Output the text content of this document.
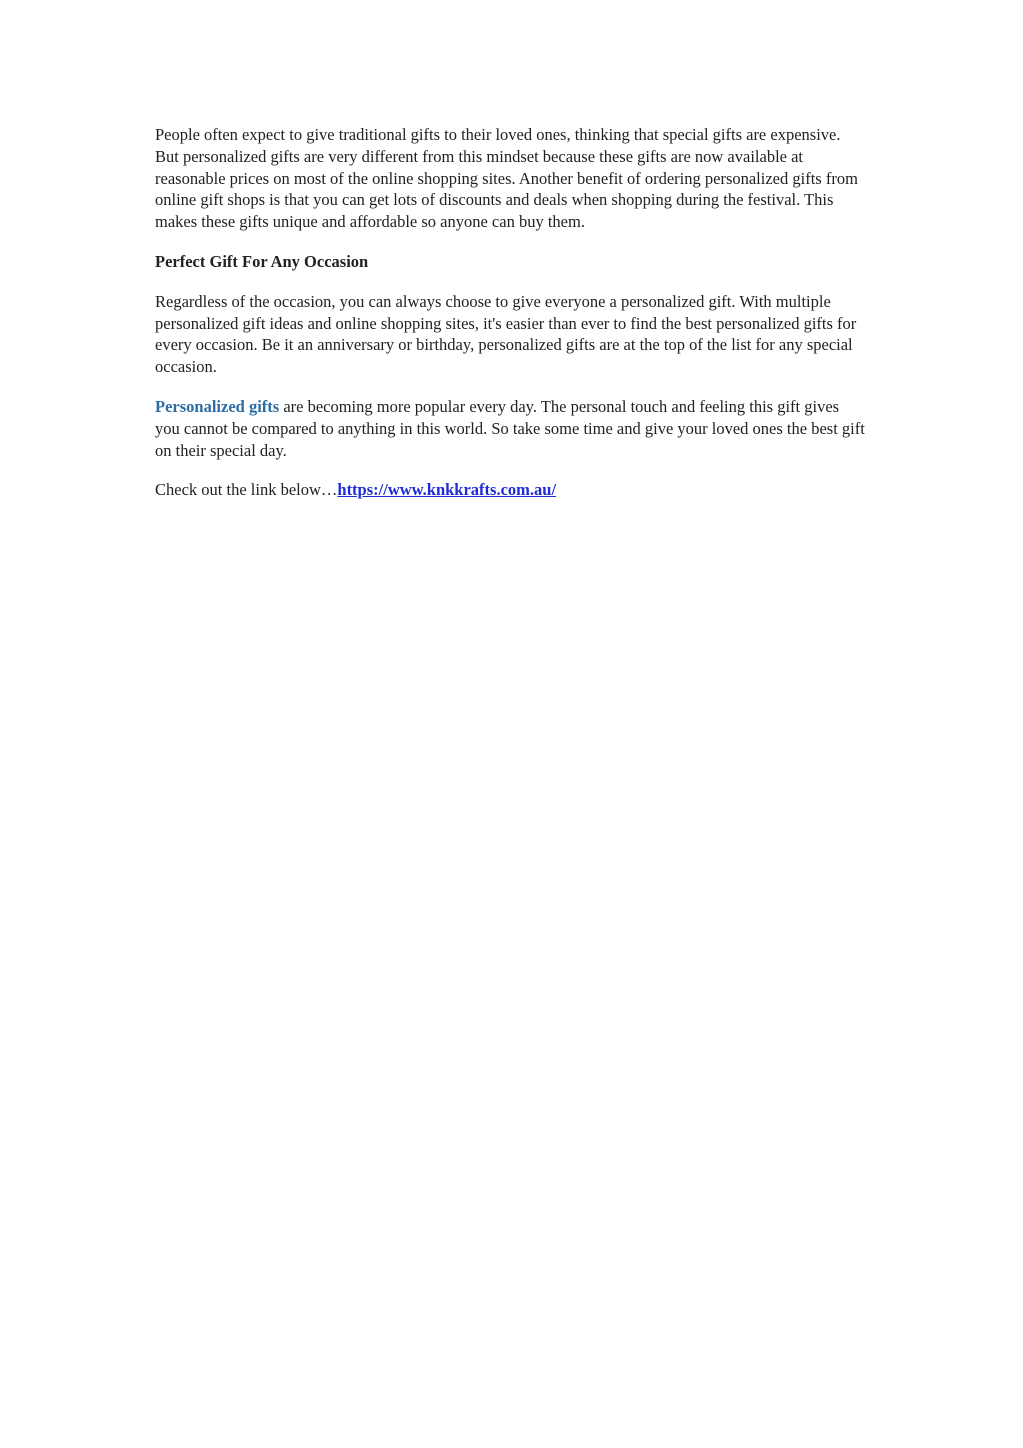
People often expect to give traditional gifts to their loved ones, thinking that special gifts are expensive. But personalized gifts are very different from this mindset because these gifts are now available at reasonable prices on most of the online shopping sites. Another benefit of ordering personalized gifts from online gift shops is that you can get lots of discounts and deals when shopping during the festival. This makes these gifts unique and affordable so anyone can buy them.

Perfect Gift For Any Occasion

Regardless of the occasion, you can always choose to give everyone a personalized gift. With multiple personalized gift ideas and online shopping sites, it's easier than ever to find the best personalized gifts for every occasion. Be it an anniversary or birthday, personalized gifts are at the top of the list for any special occasion.

Personalized gifts are becoming more popular every day. The personal touch and feeling this gift gives you cannot be compared to anything in this world. So take some time and give your loved ones the best gift on their special day.

Check out the link below…https://www.knkkrafts.com.au/
